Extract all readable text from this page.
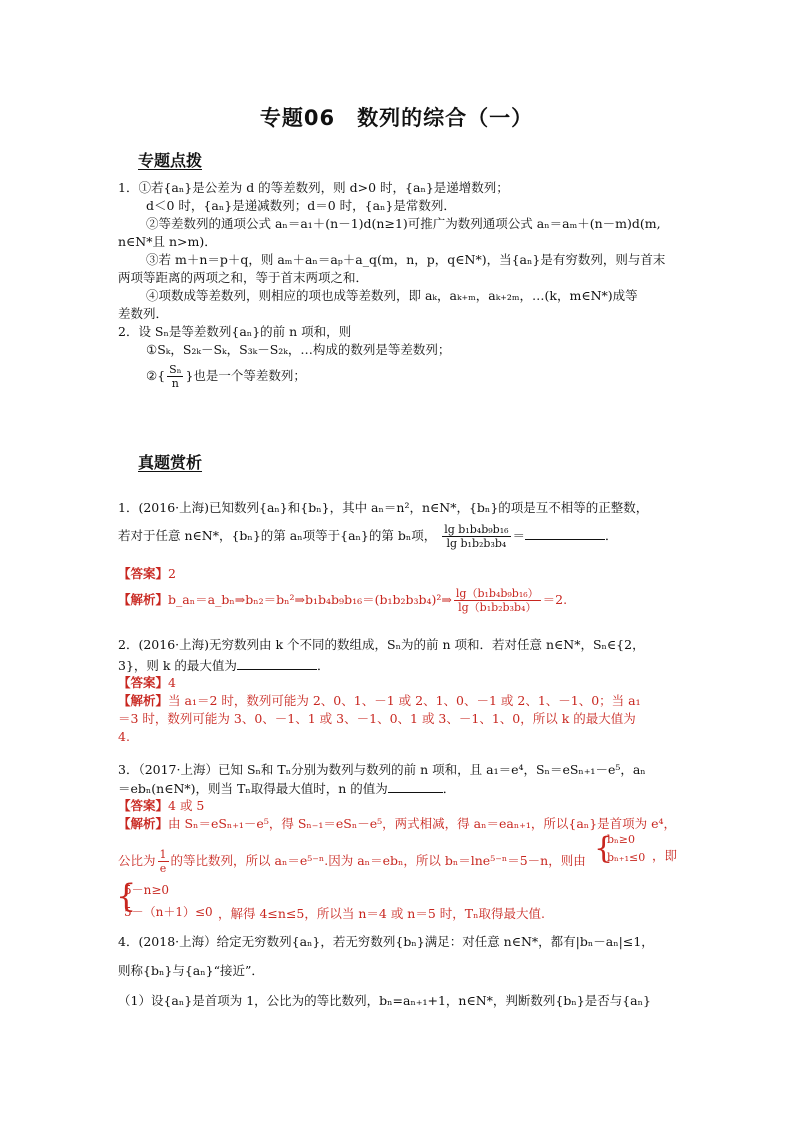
专题06　数列的综合（一）
专题点拨
1．①若{aₙ}是公差为 d 的等差数列，则 d>0 时，{aₙ}是递增数列；
d＜0 时，{aₙ}是递减数列；d＝0 时，{aₙ}是常数列．
②等差数列的通项公式 aₙ＝a₁＋(n－1)d(n≥1)可推广为数列通项公式 aₙ＝aₘ＋(n－m)d(m,
n∈N*且 n>m)．
③若 m＋n＝p＋q，则 aₘ＋aₙ＝aₚ＋a_q(m，n，p，q∈N*)，当{aₙ}是有穷数列，则与首末
两项等距离的两项之和，等于首末两项之和．
④项数成等差数列，则相应的项也成等差数列，即 aₖ，aₖ₊ₘ，aₖ₊₂ₘ，…(k，m∈N*)成等
差数列．
2．设 Sₙ是等差数列{aₙ}的前 n 项和，则
①Sₖ，S₂ₖ－Sₖ，S₃ₖ－S₂ₖ，…构成的数列是等差数列；
②{ $\frac{\text{Sₙ}}{n}$ }也是一个等差数列；
真题赏析
1．(2016·上海)已知数列{aₙ}和{bₙ}，其中 aₙ＝n²，n∈N*，{bₙ}的项是互不相等的正整数，
若对于任意 n∈N*，{bₙ}的第 aₙ项等于{aₙ}的第 bₙ项， $\frac{\text{lg b₁b₄b₉b₁₆}}{\text{lg b₁b₂b₃b₄}}$ ＝	．
【答案】2
【解析】b_aₙ＝a_bₙ⇒bₙ₂＝bₙ²⇒b₁b₄b₉b₁₆＝(b₁b₂b₃b₄)²⇒ $\frac{\text{lg（b₁b₄b₉b₁₆）}}{\text{lg（b₁b₂b₃b₄）}} =2$.
2．(2016·上海)无穷数列由 k 个不同的数组成，Sₙ为的前 n 项和．若对任意 n∈N*，Sₙ∈{2，
3}，则 k 的最大值为	．
【答案】4
【解析】当 a₁＝2 时，数列可能为 2、0、1、－1 或 2、1、0、－1 或 2、1、－1、0；当 a₁
＝3 时，数列可能为 3、0、－1、1 或 3、－1、0、1 或 3、－1、1、0，所以 k 的最大值为
4.
3．（2017·上海）已知 Sₙ和 Tₙ分别为数列与数列的前 n 项和，且 a₁＝e⁴，Sₙ＝eSₙ₊₁－e⁵，aₙ
＝ebₙ(n∈N*)，则当 Tₙ取得最大值时，n 的值为	．
【答案】4 或 5
【解析】由 Sₙ＝eSₙ₊₁－e⁵，得 Sₙ₋₁＝eSₙ－e⁵，两式相减，得 aₙ＝eaₙ₊₁，所以{aₙ}是首项为 e⁴，
公比为 $\frac{1}{e}$ 的等比数列，所以 aₙ＝e⁵⁻ⁿ.因为 aₙ＝ebₙ，所以 bₙ＝lne⁵⁻ⁿ＝5－n，则由 {
bₙ≥0
bₙ₊₁≤0 ，即
{
5－n≥0
5－（n＋1）≤0 ，解得 4≤n≤5，所以当 n＝4 或 n＝5 时，Tₙ取得最大值.
4．(2018·上海）给定无穷数列{aₙ}，若无穷数列{bₙ}满足：对任意 n∈N*，都有|bₙ－aₙ|≤1，
则称{bₙ}与{aₙ}“接近”．
（1）设{aₙ}是首项为 1，公比为的等比数列，bₙ=aₙ₊₁+1，n∈N*，判断数列{bₙ}是否与{aₙ}
